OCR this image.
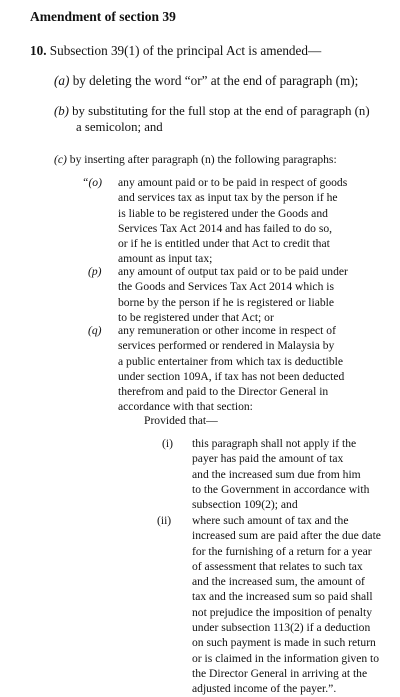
Amendment of section 39
10. Subsection 39(1) of the principal Act is amended—
(a) by deleting the word “or” at the end of paragraph (m);
(b) by substituting for the full stop at the end of paragraph (n)
a semicolon; and
(c) by inserting after paragraph (n) the following paragraphs:
“(o) any amount paid or to be paid in respect of goods
and services tax as input tax by the person if he
is liable to be registered under the Goods and
Services Tax Act 2014 and has failed to do so,
or if he is entitled under that Act to credit that
amount as input tax;
(p) any amount of output tax paid or to be paid under
the Goods and Services Tax Act 2014 which is
borne by the person if he is registered or liable
to be registered under that Act; or
(q) any remuneration or other income in respect of
services performed or rendered in Malaysia by
a public entertainer from which tax is deductible
under section 109A, if tax has not been deducted
therefrom and paid to the Director General in
accordance with that section:
Provided that—
(i) this paragraph shall not apply if the
payer has paid the amount of tax
and the increased sum due from him
to the Government in accordance with
subsection 109(2); and
(ii) where such amount of tax and the
increased sum are paid after the due date
for the furnishing of a return for a year
of assessment that relates to such tax
and the increased sum, the amount of
tax and the increased sum so paid shall
not prejudice the imposition of penalty
under subsection 113(2) if a deduction
on such payment is made in such return
or is claimed in the information given to
the Director General in arriving at the
adjusted income of the payer.”.
